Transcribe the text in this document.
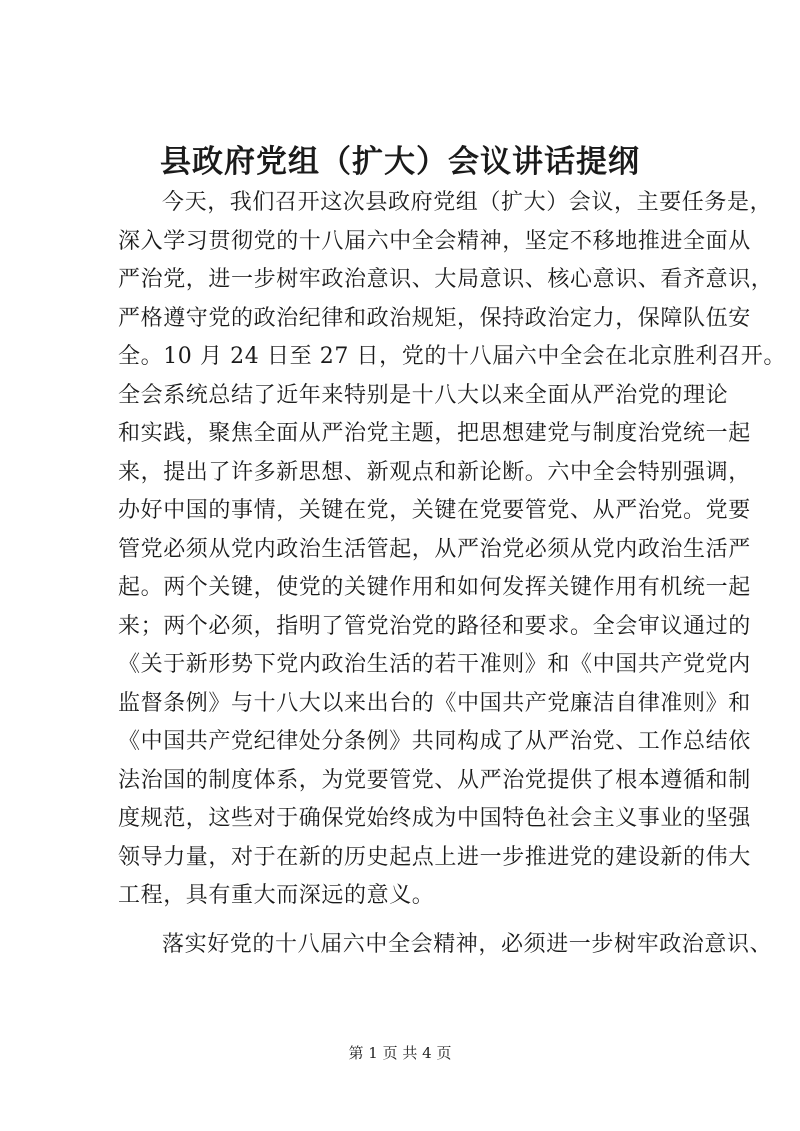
县政府党组（扩大）会议讲话提纲
今天，我们召开这次县政府党组（扩大）会议，主要任务是，
深入学习贯彻党的十八届六中全会精神，坚定不移地推进全面从
严治党，进一步树牢政治意识、大局意识、核心意识、看齐意识，
严格遵守党的政治纪律和政治规矩，保持政治定力，保障队伍安
全。10 月 24 日至 27 日，党的十八届六中全会在北京胜利召开。
全会系统总结了近年来特别是十八大以来全面从严治党的理论
和实践，聚焦全面从严治党主题，把思想建党与制度治党统一起
来，提出了许多新思想、新观点和新论断。六中全会特别强调，
办好中国的事情，关键在党，关键在党要管党、从严治党。党要
管党必须从党内政治生活管起，从严治党必须从党内政治生活严
起。两个关键，使党的关键作用和如何发挥关键作用有机统一起
来；两个必须，指明了管党治党的路径和要求。全会审议通过的
《关于新形势下党内政治生活的若干准则》和《中国共产党党内
监督条例》与十八大以来出台的《中国共产党廉洁自律准则》和
《中国共产党纪律处分条例》共同构成了从严治党、工作总结依
法治国的制度体系，为党要管党、从严治党提供了根本遵循和制
度规范，这些对于确保党始终成为中国特色社会主义事业的坚强
领导力量，对于在新的历史起点上进一步推进党的建设新的伟大
工程，具有重大而深远的意义。
落实好党的十八届六中全会精神，必须进一步树牢政治意识、
第 1 页 共 4 页
